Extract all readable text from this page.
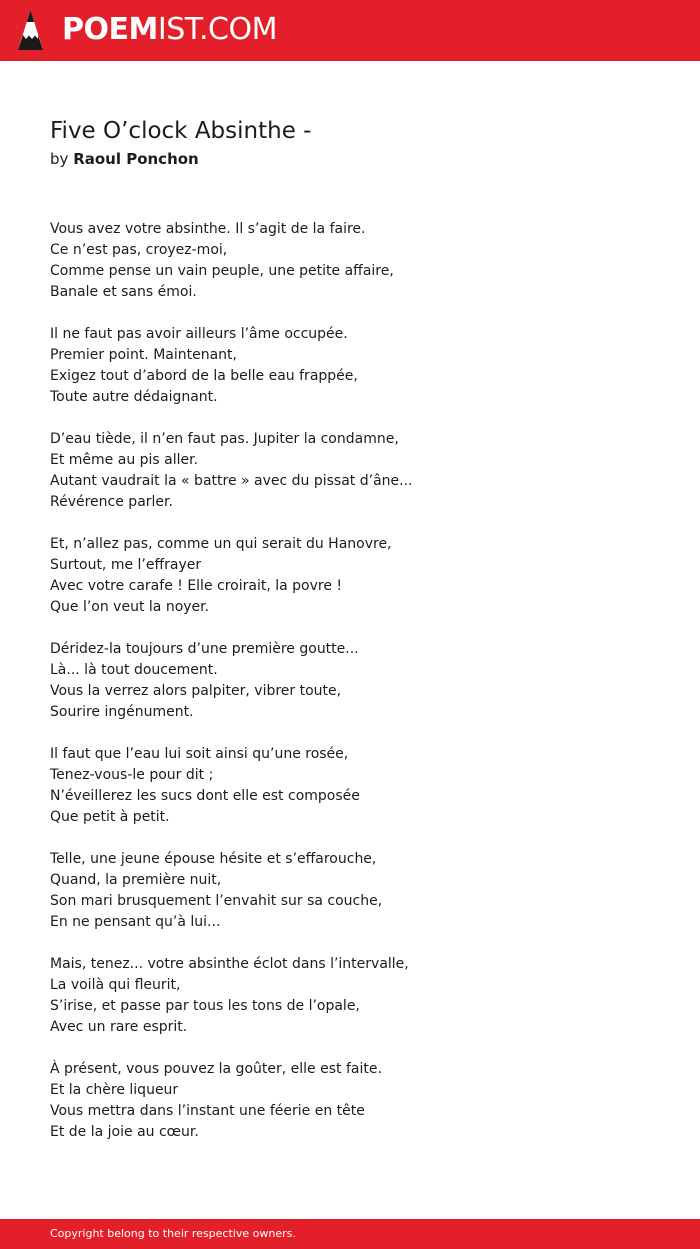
POEMIST.COM
Five O’clock Absinthe -
by Raoul Ponchon
Vous avez votre absinthe. Il s’agit de la faire.
Ce n’est pas, croyez-moi,
Comme pense un vain peuple, une petite affaire,
Banale et sans émoi.
Il ne faut pas avoir ailleurs l’âme occupée.
Premier point. Maintenant,
Exigez tout d’abord de la belle eau frappée,
Toute autre dédaignant.
D’eau tiède, il n’en faut pas. Jupiter la condamne,
Et même au pis aller.
Autant vaudrait la « battre » avec du pissat d’âne...
Révérence parler.
Et, n’allez pas, comme un qui serait du Hanovre,
Surtout, me l’effrayer
Avec votre carafe ! Elle croirait, la povre !
Que l’on veut la noyer.
Déridez-la toujours d’une première goutte...
Là... là tout doucement.
Vous la verrez alors palpiter, vibrer toute,
Sourire ingénument.
Il faut que l’eau lui soit ainsi qu’une rosée,
Tenez-vous-le pour dit ;
N’éveillerez les sucs dont elle est composée
Que petit à petit.
Telle, une jeune épouse hésite et s’effarouche,
Quand, la première nuit,
Son mari brusquement l’envahit sur sa couche,
En ne pensant qu’à lui...
Mais, tenez... votre absinthe éclot dans l’intervalle,
La voilà qui fleurit,
S’irise, et passe par tous les tons de l’opale,
Avec un rare esprit.
À présent, vous pouvez la goûter, elle est faite.
Et la chère liqueur
Vous mettra dans l’instant une féerie en tête
Et de la joie au cœur.
Copyright belong to their respective owners.
